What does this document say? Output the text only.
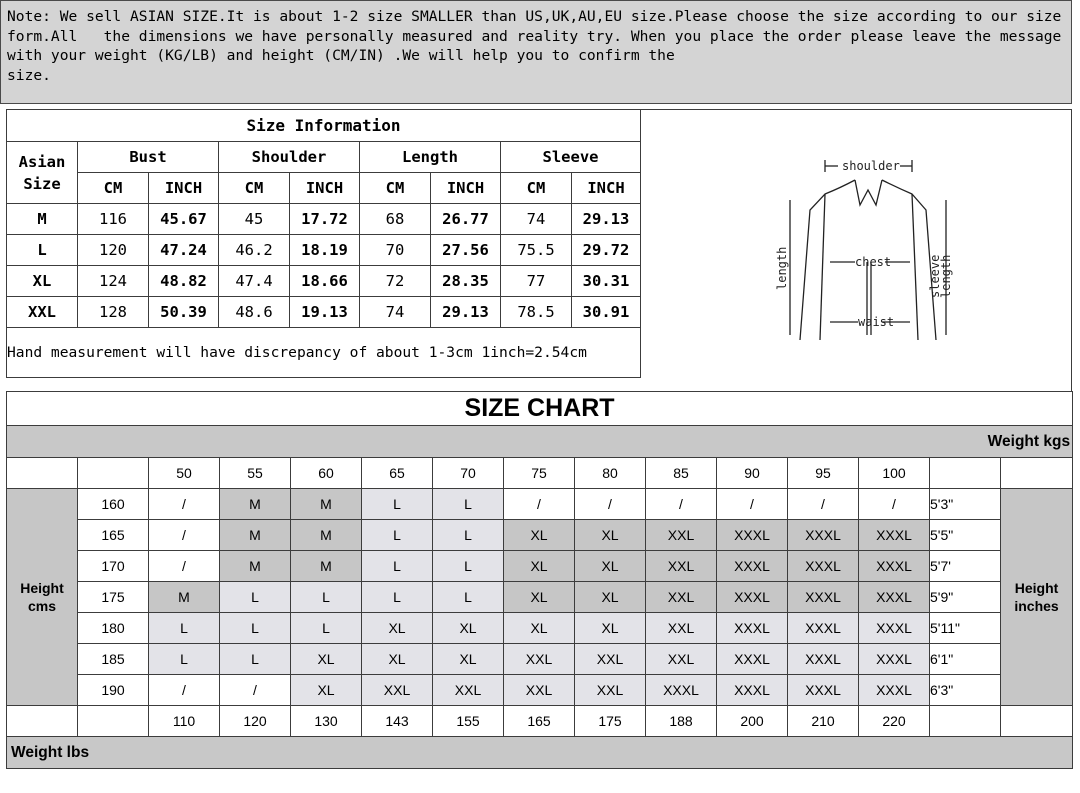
Note: We sell ASIAN SIZE.It is about 1-2 size SMALLER than US,UK,AU,EU size.Please choose the size according to our size form.All   the dimensions we have personally measured and reality try. When you place the order please leave the message with your weight (KG/LB) and height (CM/IN) .We will help you to confirm the
size.
Size Information								
Asian
Size	Bust		Shoulder		Length		Sleeve	
	CM	INCH	CM	INCH	CM	INCH	CM	INCH
M	116	45.67	45	17.72	68	26.77	74	29.13
L	120	47.24	46.2	18.19	70	27.56	75.5	29.72
XL	124	48.82	47.4	18.66	72	28.35	77	30.31
XXL	128	50.39	48.6	19.13	74	29.13	78.5	30.91
Hand measurement will have discrepancy of about 1-3cm 1inch=2.54cm								
shoulder
chest
waist
length	sleeve
length
SIZE CHART														
Weight kgs														
		50	55	60	65	70	75	80	85	90	95	100		
Height
cms	160	/	M	M	L	L	/	/	/	/	/	/	5'3"	Height
inches
	165	/	M	M	L	L	XL	XL	XXL	XXXL	XXXL	XXXL	5'5"	
	170	/	M	M	L	L	XL	XL	XXL	XXXL	XXXL	XXXL	5'7'	
	175	M	L	L	L	L	XL	XL	XXL	XXXL	XXXL	XXXL	5'9"	
	180	L	L	L	XL	XL	XL	XL	XXL	XXXL	XXXL	XXXL	5'11"	
	185	L	L	XL	XL	XL	XXL	XXL	XXL	XXXL	XXXL	XXXL	6'1"	
	190	/	/	XL	XXL	XXL	XXL	XXL	XXXL	XXXL	XXXL	XXXL	6'3"	
		110	120	130	143	155	165	175	188	200	210	220		
Weight lbs														
